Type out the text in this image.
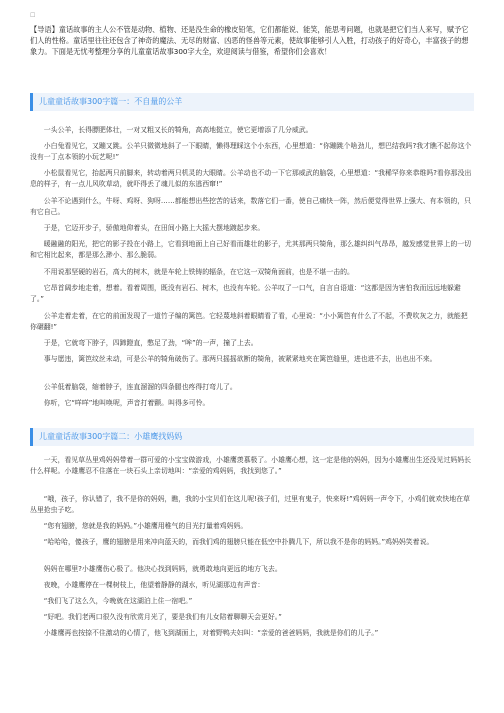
☐
【导语】童话故事的主人公不管是动物、植物、还是没生命的橡皮铅笔，它们都能说、能笑，能思考问题，也就是把它们当人来写，赋予它们人的性格。童话里往往还包含了神奇的魔法、无尽的财富、凶恶的怪兽等元素，使故事能够引人入胜，打动孩子的好奇心，丰富孩子的想象力。下面是无忧考整理分享的儿童童话故事300字大全，欢迎阅读与借鉴，希望你们会喜欢！
儿童童话故事300字篇一：不自量的公羊
一头公羊，长得膘肥体壮，一对又粗又长的犄角，高高地挺立，使它更增添了几分威武。
小白兔看见它，又蹦又跳。公羊只微微地斜了一下眼睛，懒得理睬这个小东西，心里想道：“你蹦跳个啥劲儿，想巴结我吗?我才瞧不起你这个没有一丁点本领的小玩艺呢!”
小松鼠看见它，抬起两只前脚来，转动着两只机灵的大眼睛。公羊动也不动一下它那威武的脑袋，心里想道：“我稀罕你来恭维吗?看你那没出息的样子，有一点儿风吹草动，就吓得丢了魂儿似的东逃西窜!”
公羊不论遇到什么，牛呀、鸡呀、狗呀……都能想出些挖苦的话来，数落它们一番，使自己痛快一阵，然后便觉得世界上强大、有本领的，只有它自己。
于是，它迈开步子，骄傲地仰着头，在田间小路上大摇大摆地踱起步来。
暖融融的阳光，把它的影子投在小路上，它看到地面上自己好看而雄壮的影子，尤其那两只犄角，那么雄纠纠气昂昂，越发感觉世界上的一切和它相比起来，都是那么渺小、那么脆弱。
不用说那坚硬的岩石，高大的树木，就是车轮上铁铸的辐条，在它这一双犄角面前，也是不堪一击的。
它昂首阔步地走着，想着。看着周围，既没有岩石、树木，也没有车轮。公羊叹了一口气，自言自语道：“这都是因为害怕我而远远地躲避了。”
公羊走着走着，在它的前面发现了一道竹子编的篱笆。它轻蔑地斜着眼睛看了看，心里说：“小小篱笆有什么了不起，不费吹灰之力，就能把你碾翻!”
于是，它就弯下脖子，四蹄蹬直，憋足了劲，“哞”的一声，撞了上去。
事与愿违，篱笆纹丝未动，可是公羊的犄角破伤了。那两只摇摇欲断的犄角，被紧紧地夹在篱笆缝里，进也进不去，出也出不来。
公羊低着脑袋，缩着脖子，连直溜溜的四条腿也疼得打弯儿了。
你听，它“咩咩”地叫唤呢，声音打着颤。叫得多可怜。
儿童童话故事300字篇二：小雄鹰找妈妈
一天，看见草丛里鸡妈妈带着一群可爱的小宝宝做游戏，小雄鹰羡慕极了。小雄鹰心想，这一定是他的妈妈，因为小雄鹰出生还没见过妈妈长什么样呢。小雄鹰忍不住落在一块石头上亲切地叫：“亲爱的鸡妈妈，我找到您了。”
“哦，孩子，你认错了，我不是你的妈妈，瞧，我的小宝贝们在这儿呢!孩子们，过里有鬼子，快来呀!”鸡妈妈一声令下，小鸡们就欢快地在草丛里抢虫子吃。
“您有翅膀，您就是我的妈妈。”小雄鹰用稚气的目光打量着鸡妈妈。
“哈哈哈，傻孩子，鹰的翅膀是用来冲向蓝天的，而我们鸡的翅膀只能在低空中扑腾几下，所以我不是你的妈妈。”鸡妈妈笑着说。
妈妈在哪里?小雄鹰伤心极了。他决心找到妈妈，就勇敢地向更远的地方飞去。
夜晚，小雄鹰停在一棵树枝上，他望着静静的湖水，听见湖那边有声音：
“我们飞了这么久，今晚就在这湖泊上住一宿吧。”
“好吧。我们老两口很久没有欣赏月光了，要是我们有儿女陪着聊聊天会更好。”
小雄鹰再也按捺不住激动的心情了，他飞到湖面上，对着野鸭夫妇叫：“亲爱的爸爸妈妈，我就是你们的儿子。”
